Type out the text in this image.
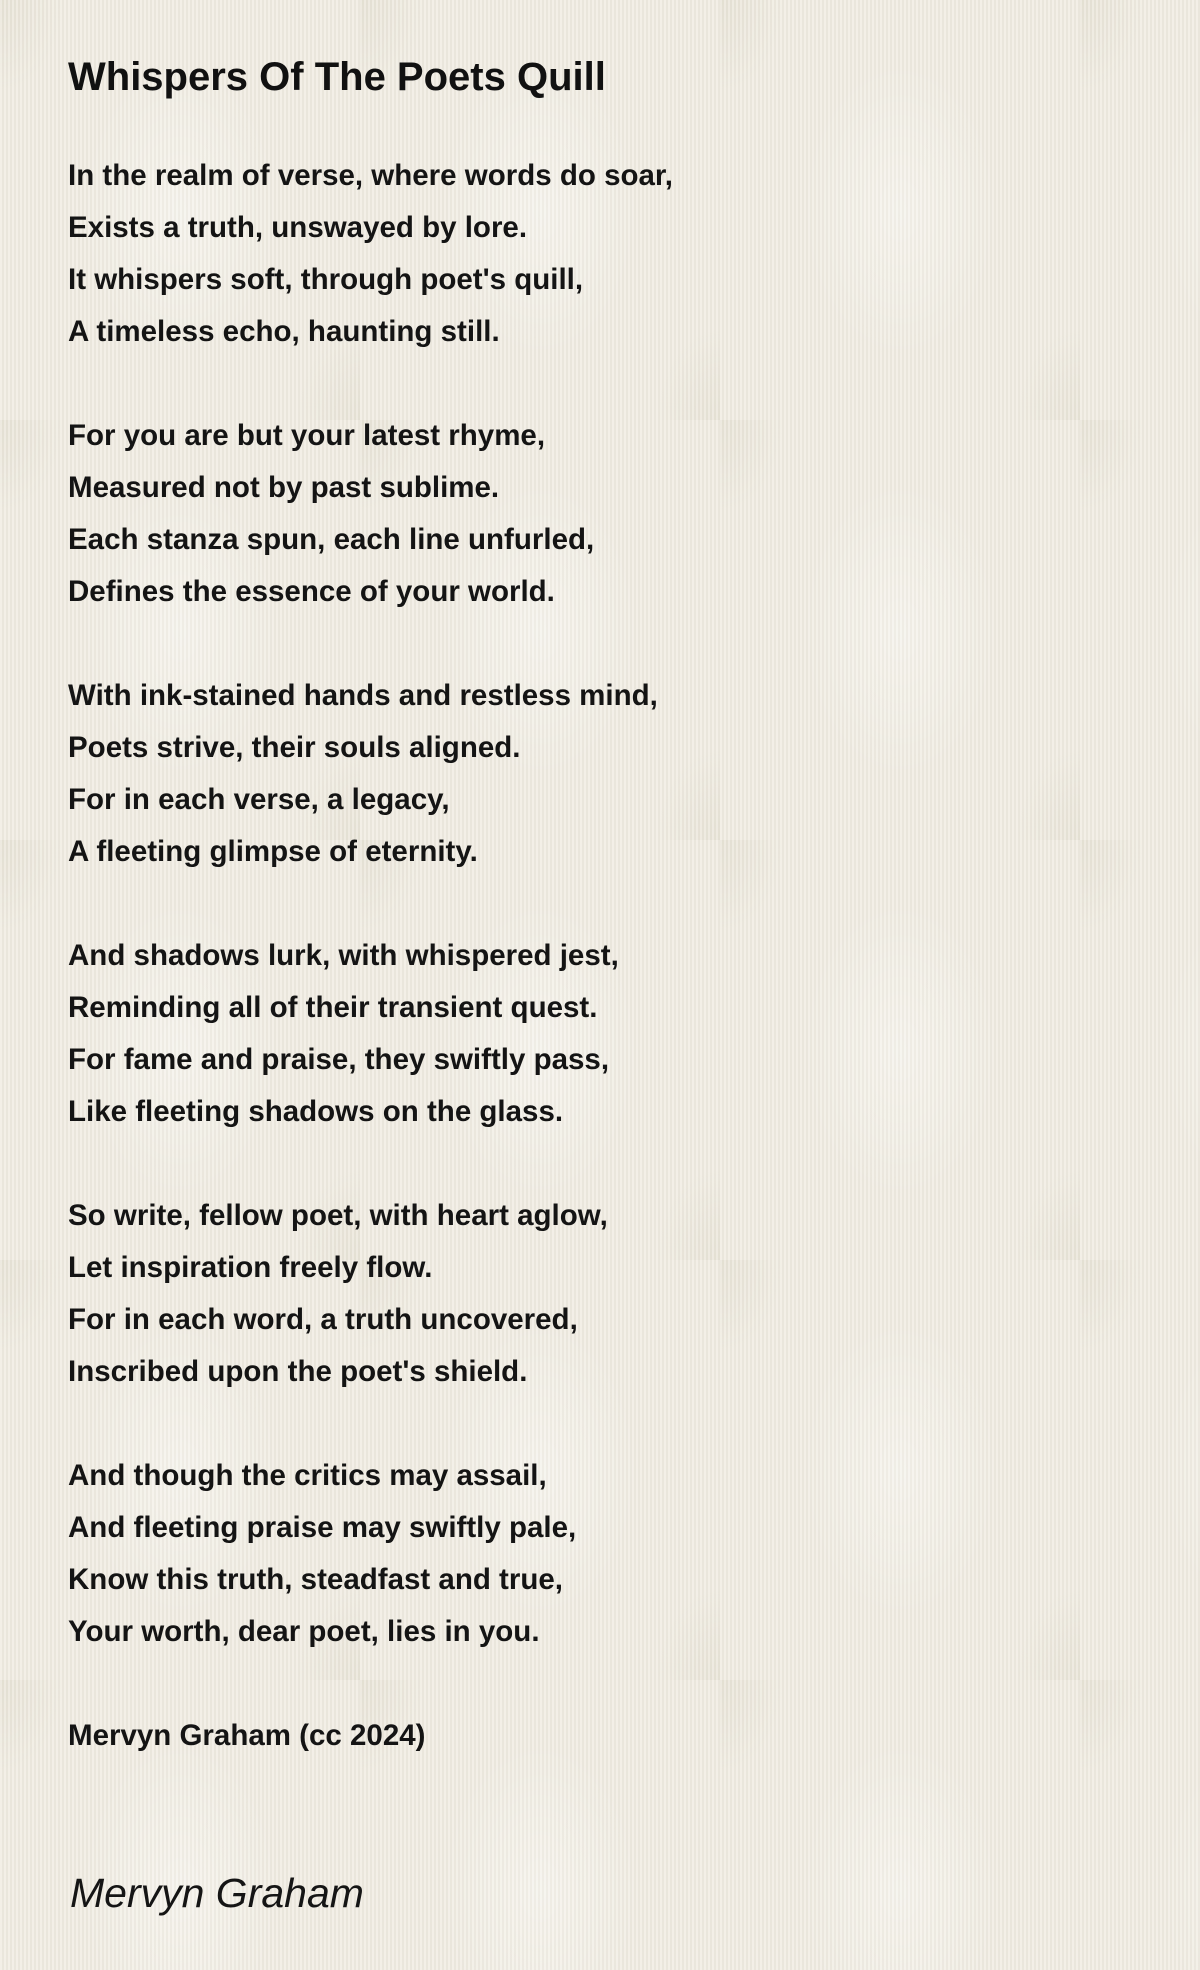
Whispers Of The Poets Quill
In the realm of verse, where words do soar,
Exists a truth, unswayed by lore.
It whispers soft, through poet's quill,
A timeless echo, haunting still.
For you are but your latest rhyme,
Measured not by past sublime.
Each stanza spun, each line unfurled,
Defines the essence of your world.
With ink-stained hands and restless mind,
Poets strive, their souls aligned.
For in each verse, a legacy,
A fleeting glimpse of eternity.
And shadows lurk, with whispered jest,
Reminding all of their transient quest.
For fame and praise, they swiftly pass,
Like fleeting shadows on the glass.
So write, fellow poet, with heart aglow,
Let inspiration freely flow.
For in each word, a truth uncovered,
Inscribed upon the poet's shield.
And though the critics may assail,
And fleeting praise may swiftly pale,
Know this truth, steadfast and true,
Your worth, dear poet, lies in you.
Mervyn Graham (cc 2024)
Mervyn Graham
